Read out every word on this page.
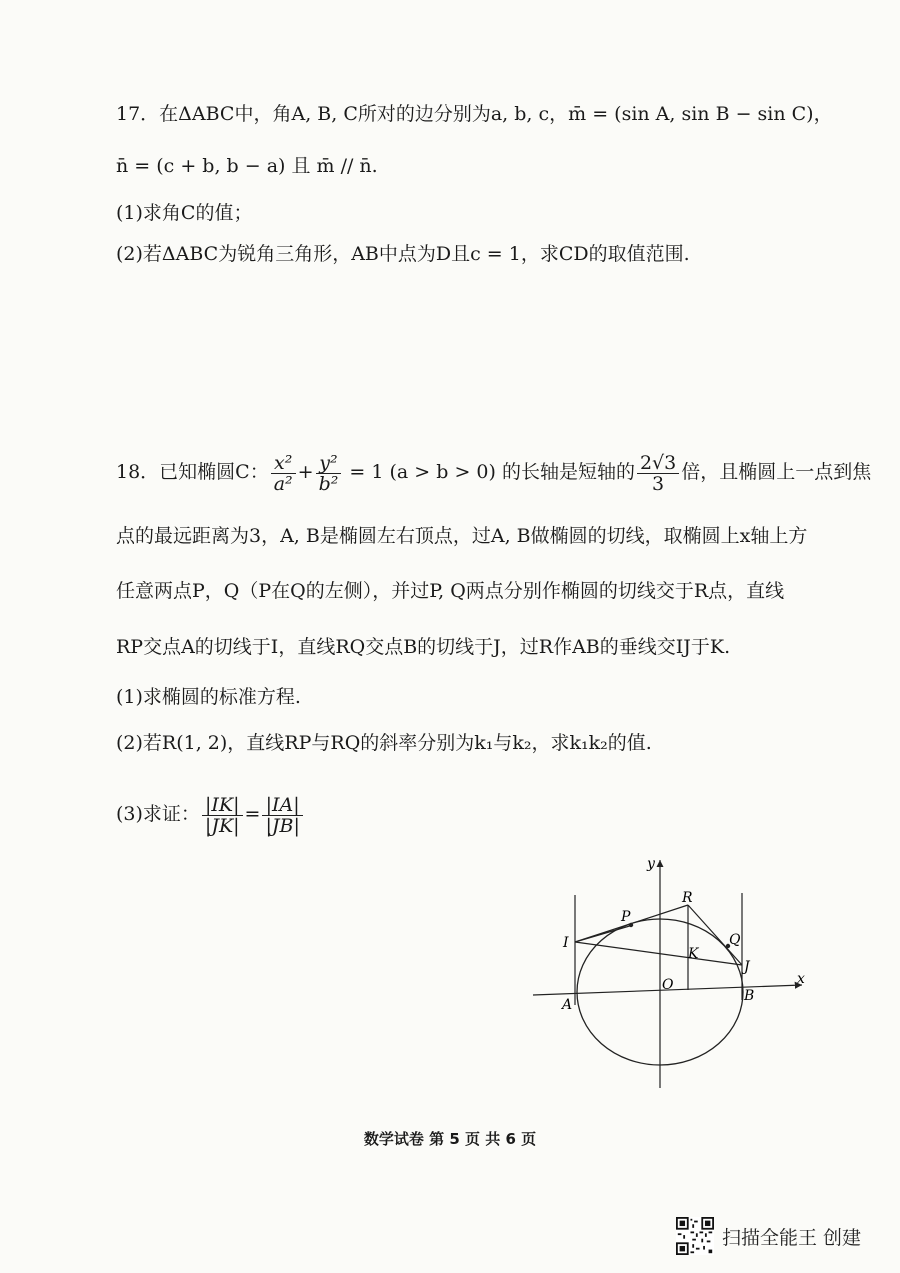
17．在ΔABC中，角A, B, C所对的边分别为a, b, c，m̄ = (sin A, sin B − sin C)，
n̄ = (c + b, b − a) 且 m̄ // n̄.
(1)求角C的值；
(2)若ΔABC为锐角三角形，AB中点为D且c = 1，求CD的取值范围.
18．已知椭圆C： $\frac{\text{x²}}{\text{a²}} + \frac{\text{y²}}{\text{b²}} = 1$ (a > b > 0) 的长轴是短轴的 $\frac{2√3}{3}$ 倍，且椭圆上一点到焦
点的最远距离为3，A, B是椭圆左右顶点，过A, B做椭圆的切线，取椭圆上x轴上方
任意两点P，Q（P在Q的左侧），并过P, Q两点分别作椭圆的切线交于R点，直线
RP交点A的切线于I，直线RQ交点B的切线于J，过R作AB的垂线交IJ于K.
(1)求椭圆的标准方程.
(2)若R(1, 2)，直线RP与RQ的斜率分别为k₁与k₂，求k₁k₂的值.
(3)求证： $\frac{|IK|}{|JK|} = \frac{|IA|}{|JB|}$
y
x
R
P
Q
I
K
J
O
A
B
数学试卷 第 5 页 共 6 页
扫描全能王 创建
